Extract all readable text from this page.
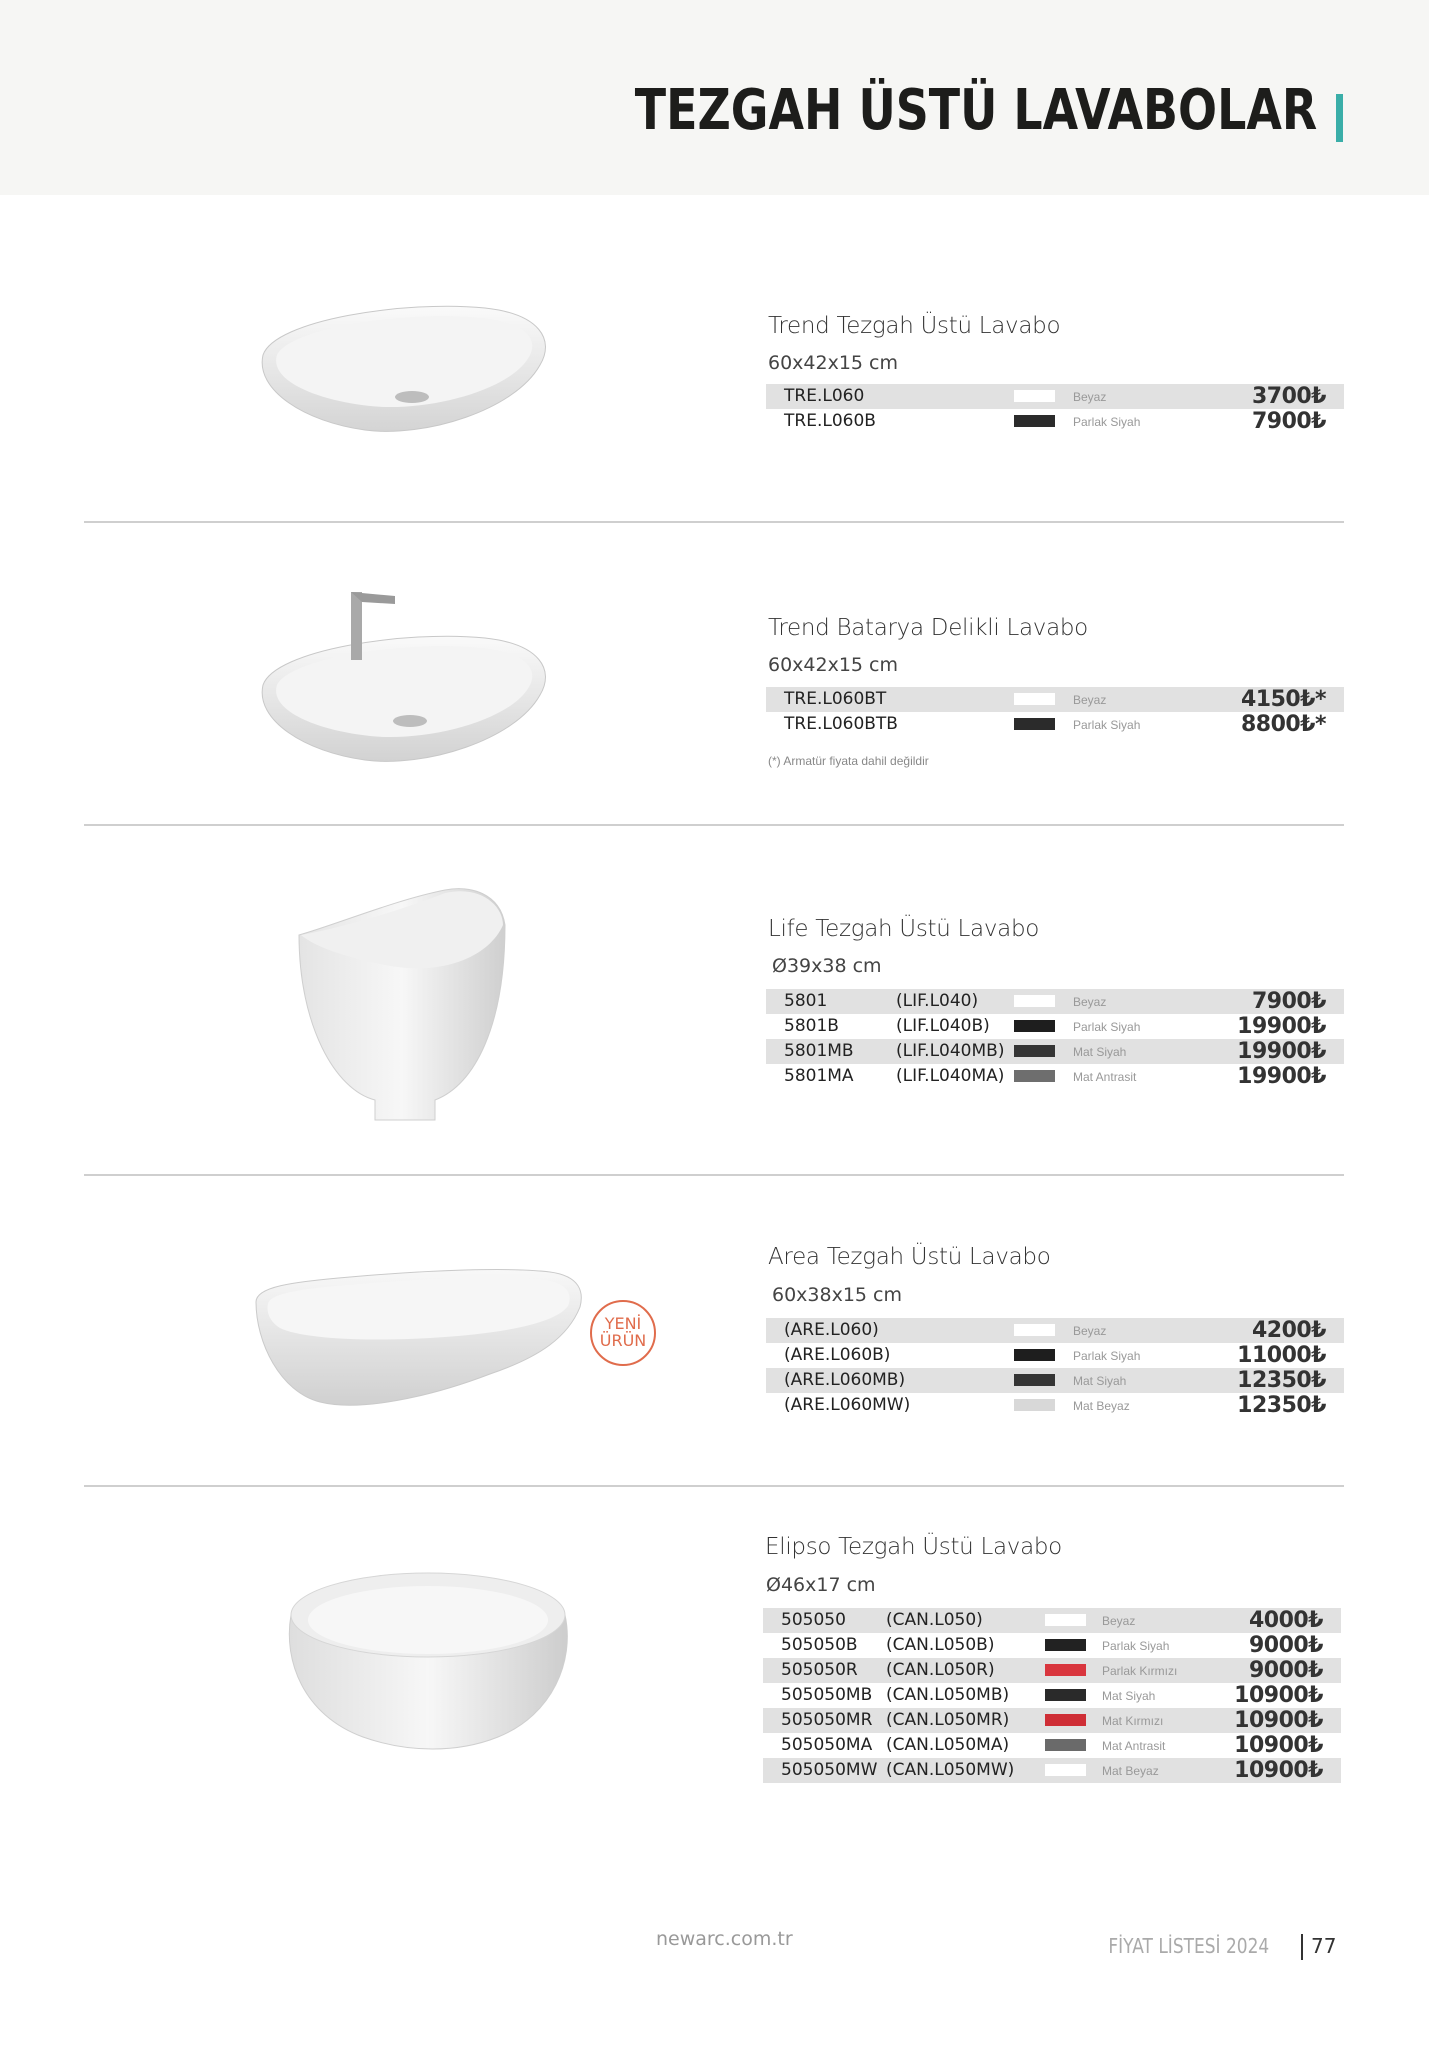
TEZGAH ÜSTÜ LAVABOLAR
Trend Tezgah Üstü Lavabo
60x42x15 cm
TRE.L060	Beyaz	3700₺
TRE.L060B	Parlak Siyah	7900₺
Trend Batarya Delikli Lavabo
60x42x15 cm
TRE.L060BT	Beyaz	4150₺*
TRE.L060BTB	Parlak Siyah	8800₺*
(*) Armatür fiyata dahil değildir
Life Tezgah Üstü Lavabo
Ø39x38 cm
5801	(LIF.L040)	Beyaz	7900₺
5801B	(LIF.L040B)	Parlak Siyah	19900₺
5801MB (LIF.L040MB)	Mat Siyah	19900₺
5801MA (LIF.L040MA)	Mat Antrasit	19900₺
YENİ
ÜRÜN
Area Tezgah Üstü Lavabo
60x38x15 cm
(ARE.L060)	Beyaz	4200₺
(ARE.L060B)	Parlak Siyah	11000₺
(ARE.L060MB)	Mat Siyah	12350₺
(ARE.L060MW)	Mat Beyaz	12350₺
Elipso Tezgah Üstü Lavabo
Ø46x17 cm
505050 (CAN.L050)	Beyaz	4000₺
505050B (CAN.L050B)	Parlak Siyah	9000₺
505050R (CAN.L050R)	Parlak Kırmızı	9000₺
505050MB (CAN.L050MB)	Mat Siyah	10900₺
505050MR (CAN.L050MR)	Mat Kırmızı	10900₺
505050MA (CAN.L050MA)	Mat Antrasit	10900₺
505050MW (CAN.L050MW)	Mat Beyaz	10900₺
newarc.com.tr	FİYAT LİSTESİ 2024 77
